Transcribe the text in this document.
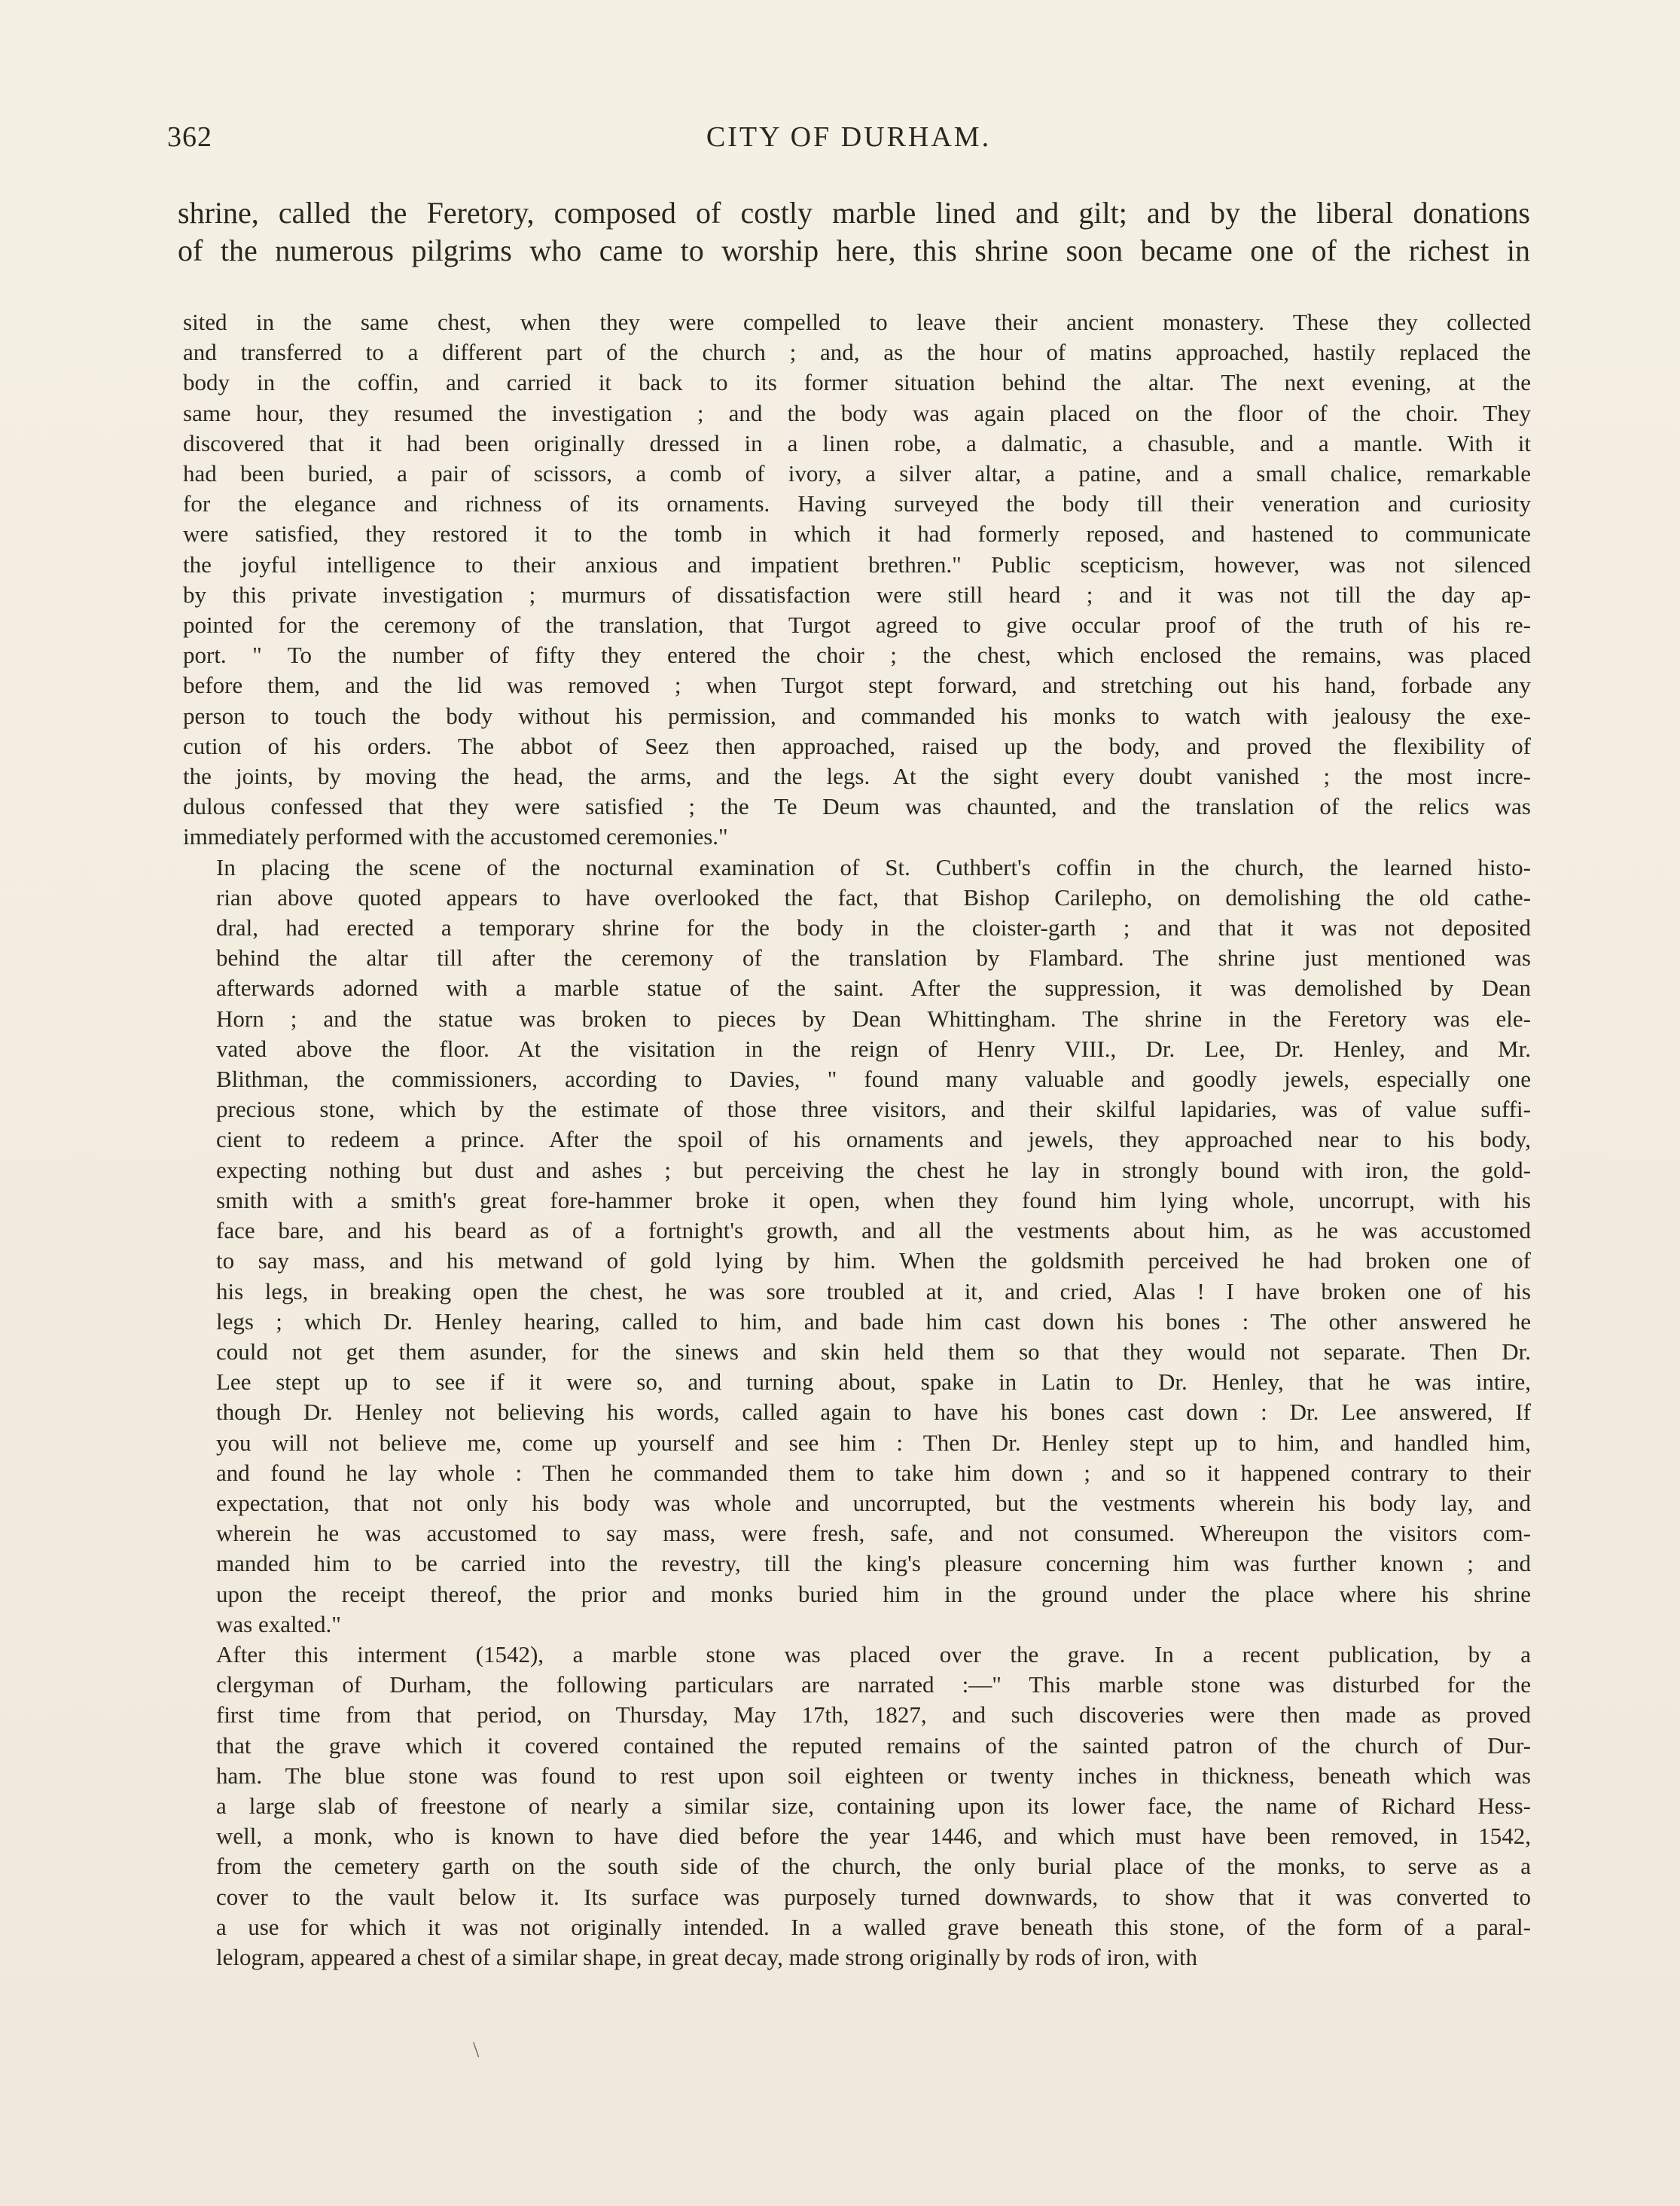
362	CITY OF DURHAM.

shrine, called the Feretory, composed of costly marble lined and gilt; and by the liberal donations

of the numerous pilgrims who came to worship here, this shrine soon became one of the richest in

sited in the same chest, when they were compelled to leave their ancient monastery. These they collected
and transferred to a different part of the church ; and, as the hour of matins approached, hastily replaced the
body in the coffin, and carried it back to its former situation behind the altar. The next evening, at the
same hour, they resumed the investigation ; and the body was again placed on the floor of the choir. They
discovered that it had been originally dressed in a linen robe, a dalmatic, a chasuble, and a mantle. With it
had been buried, a pair of scissors, a comb of ivory, a silver altar, a patine, and a small chalice, remarkable
for the elegance and richness of its ornaments. Having surveyed the body till their veneration and curiosity
were satisfied, they restored it to the tomb in which it had formerly reposed, and hastened to communicate
the joyful intelligence to their anxious and impatient brethren." Public scepticism, however, was not silenced
by this private investigation ; murmurs of dissatisfaction were still heard ; and it was not till the day ap-
pointed for the ceremony of the translation, that Turgot agreed to give occular proof of the truth of his re-
port. " To the number of fifty they entered the choir ; the chest, which enclosed the remains, was placed
before them, and the lid was removed ; when Turgot stept forward, and stretching out his hand, forbade any
person to touch the body without his permission, and commanded his monks to watch with jealousy the exe-
cution of his orders. The abbot of Seez then approached, raised up the body, and proved the flexibility of
the joints, by moving the head, the arms, and the legs. At the sight every doubt vanished ; the most incre-
dulous confessed that they were satisfied ; the Te Deum was chaunted, and the translation of the relics was
immediately performed with the accustomed ceremonies."

In placing the scene of the nocturnal examination of St. Cuthbert's coffin in the church, the learned histo-
rian above quoted appears to have overlooked the fact, that Bishop Carilepho, on demolishing the old cathe-
dral, had erected a temporary shrine for the body in the cloister-garth ; and that it was not deposited
behind the altar till after the ceremony of the translation by Flambard. The shrine just mentioned was
afterwards adorned with a marble statue of the saint. After the suppression, it was demolished by Dean
Horn ; and the statue was broken to pieces by Dean Whittingham. The shrine in the Feretory was ele-
vated above the floor. At the visitation in the reign of Henry VIII., Dr. Lee, Dr. Henley, and Mr.
Blithman, the commissioners, according to Davies, " found many valuable and goodly jewels, especially one
precious stone, which by the estimate of those three visitors, and their skilful lapidaries, was of value suffi-
cient to redeem a prince. After the spoil of his ornaments and jewels, they approached near to his body,
expecting nothing but dust and ashes ; but perceiving the chest he lay in strongly bound with iron, the gold-
smith with a smith's great fore-hammer broke it open, when they found him lying whole, uncorrupt, with his
face bare, and his beard as of a fortnight's growth, and all the vestments about him, as he was accustomed
to say mass, and his metwand of gold lying by him. When the goldsmith perceived he had broken one of
his legs, in breaking open the chest, he was sore troubled at it, and cried, Alas ! I have broken one of his
legs ; which Dr. Henley hearing, called to him, and bade him cast down his bones : The other answered he
could not get them asunder, for the sinews and skin held them so that they would not separate. Then Dr.
Lee stept up to see if it were so, and turning about, spake in Latin to Dr. Henley, that he was intire,
though Dr. Henley not believing his words, called again to have his bones cast down : Dr. Lee answered, If
you will not believe me, come up yourself and see him : Then Dr. Henley stept up to him, and handled him,
and found he lay whole : Then he commanded them to take him down ; and so it happened contrary to their
expectation, that not only his body was whole and uncorrupted, but the vestments wherein his body lay, and
wherein he was accustomed to say mass, were fresh, safe, and not consumed. Whereupon the visitors com-
manded him to be carried into the revestry, till the king's pleasure concerning him was further known ; and
upon the receipt thereof, the prior and monks buried him in the ground under the place where his shrine
was exalted."

After this interment (1542), a marble stone was placed over the grave. In a recent publication, by a
clergyman of Durham, the following particulars are narrated :—" This marble stone was disturbed for the
first time from that period, on Thursday, May 17th, 1827, and such discoveries were then made as proved
that the grave which it covered contained the reputed remains of the sainted patron of the church of Dur-
ham. The blue stone was found to rest upon soil eighteen or twenty inches in thickness, beneath which was
a large slab of freestone of nearly a similar size, containing upon its lower face, the name of Richard Hess-
well, a monk, who is known to have died before the year 1446, and which must have been removed, in 1542,
from the cemetery garth on the south side of the church, the only burial place of the monks, to serve as a
cover to the vault below it. Its surface was purposely turned downwards, to show that it was converted to
a use for which it was not originally intended. In a walled grave beneath this stone, of the form of a paral-
lelogram, appeared a chest of a similar shape, in great decay, made strong originally by rods of iron, with

\
